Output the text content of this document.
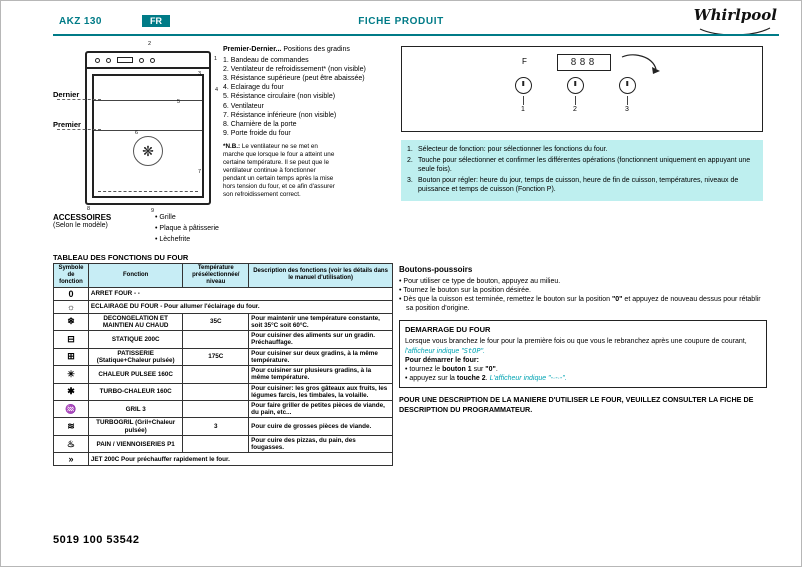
AKZ 130	FR	FICHE PRODUIT	Whirlpool
❋
Dernier
Premier
1
2
3
4
5
6
7
8	9
Premier-Dernier... Positions des gradins
1. Bandeau de commandes
2. Ventilateur de refroidissement* (non visible)
3. Résistance supérieure (peut être abaissée)
4. Eclairage du four
5. Résistance circulaire (non visible)
6. Ventilateur
7. Résistance inférieure (non visible)
8. Charnière de la porte
9. Porte froide du four
*N.B.: Le ventilateur ne se met en marche que lorsque le four a atteint une certaine température. Il se peut que le ventilateur continue à fonctionner pendant un certain temps après la mise hors tension du four, et ce afin d'assurer son refroidissement correct.
F	888
1	2	3
1. Sélecteur de fonction: pour sélectionner les fonctions du four.
2. Touche pour sélectionner et confirmer les différentes opérations (fonctionnent uniquement en appuyant une seule fois).
3. Bouton pour régler: heure du jour, temps de cuisson, heure de fin de cuisson, températures, niveaux de puissance et temps de cuisson (Fonction P).
ACCESSOIRES
(Selon le modèle)
• Grille
• Plaque à pâtisserie
• Lèchefrite
TABLEAU DES FONCTIONS DU FOUR
Symbole de fonction	Fonction	Température présélectionnée/ niveau	Description des fonctions (voir les détails dans le manuel d'utilisation)
0	ARRET FOUR - -		
☼	ECLAIRAGE DU FOUR - Pour allumer l'éclairage du four.		
❄	DECONGELATION ET MAINTIEN AU CHAUD	35C	Pour maintenir une température constante, soit 35°C soit 60°C.
⊟	STATIQUE 200C		Pour cuisiner des aliments sur un gradin. Préchauffage.
⊞	PATISSERIE (Statique+Chaleur pulsée)	175C	Pour cuisiner sur deux gradins, à la même température.
✳	CHALEUR PULSEE 160C		Pour cuisiner sur plusieurs gradins, à la même température.
✱	TURBO-CHALEUR 160C		Pour cuisiner: les gros gâteaux aux fruits, les légumes farcis, les timbales, la volaille.
♒	GRIL 3		Pour faire griller de petites pièces de viande, du pain, etc...
≋	TURBOGRIL (Gril+Chaleur pulsée)	3	Pour cuire de grosses pièces de viande.
♨	PAIN / VIENNOISERIES P1		Pour cuire des pizzas, du pain, des fougasses.
»	JET 200C Pour préchauffer rapidement le four.		
Boutons-poussoirs
• Pour utiliser ce type de bouton, appuyez au milieu.
• Tournez le bouton sur la position désirée.
• Dès que la cuisson est terminée, remettez le bouton sur la position "0" et appuyez de nouveau dessus pour rétablir sa position d'origine.
DEMARRAGE DU FOUR
Lorsque vous branchez le four pour la première fois ou que vous le rebranchez après une coupure de courant, l'afficheur indique "StOP".
Pour démarrer le four:
• tournez le bouton 1 sur "0".
• appuyez sur la touche 2. L'afficheur indique "-·-·-".
POUR UNE DESCRIPTION DE LA MANIERE D'UTILISER LE FOUR, VEUILLEZ CONSULTER LA FICHE DE DESCRIPTION DU PROGRAMMATEUR.
5019 100 53542
